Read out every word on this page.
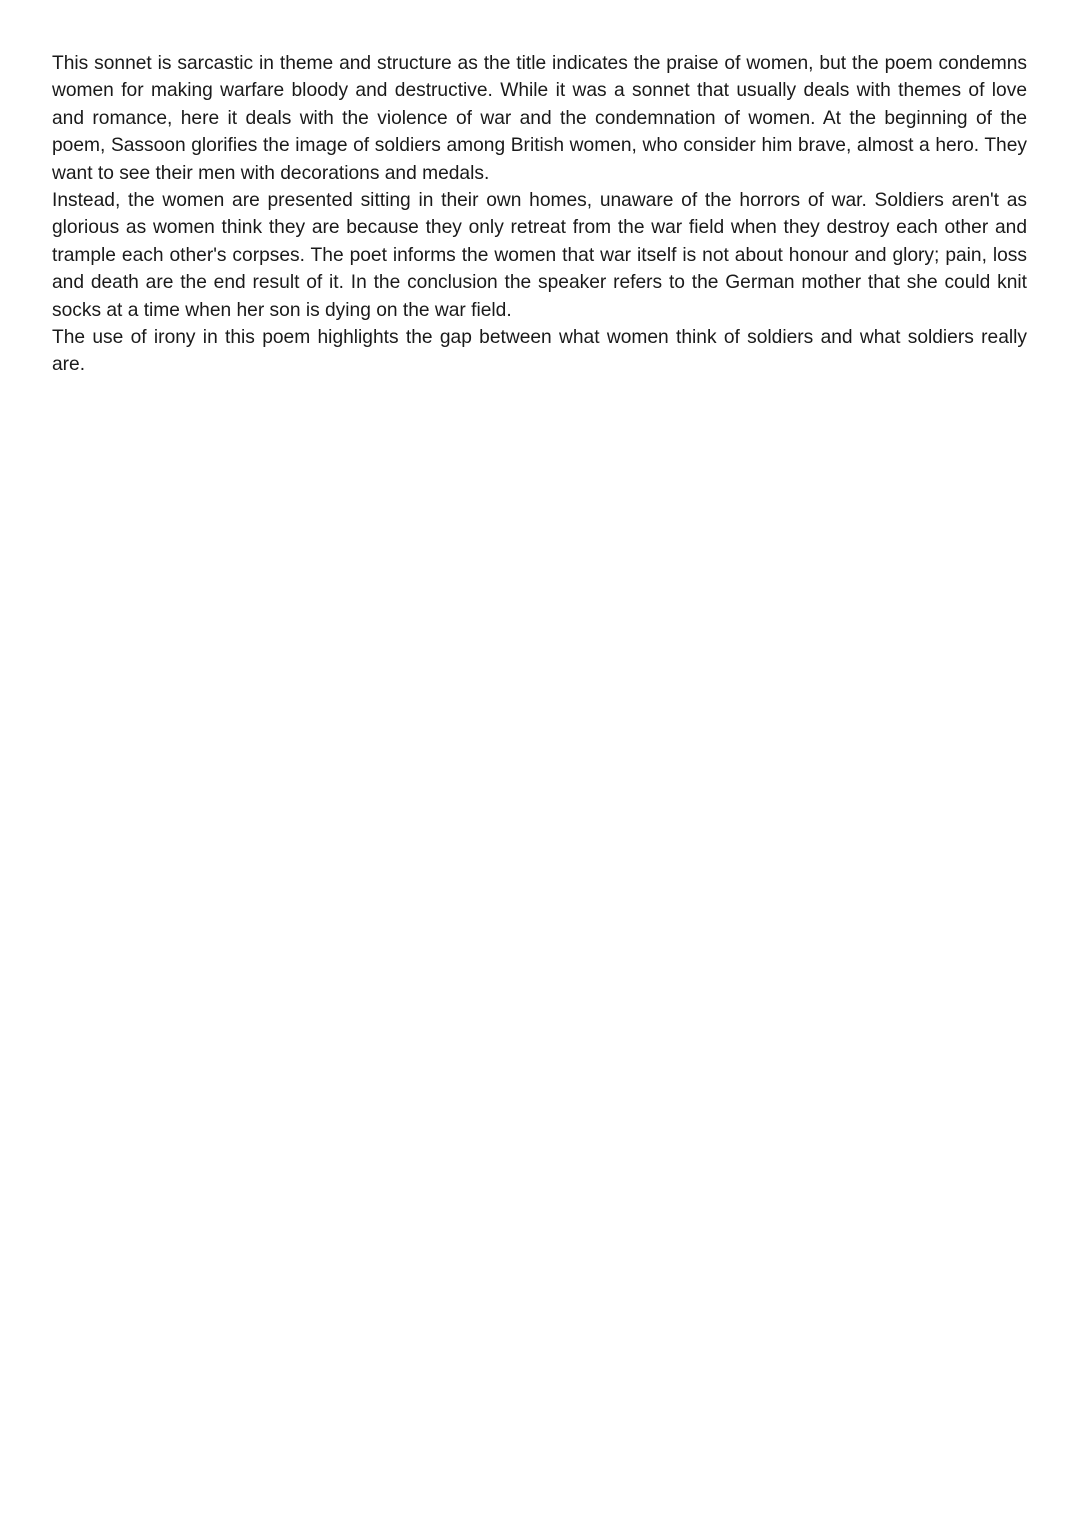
This sonnet is sarcastic in theme and structure as the title indicates the praise of women, but the poem condemns women for making warfare bloody and destructive. While it was a sonnet that usually deals with themes of love and romance, here it deals with the violence of war and the condemnation of women. At the beginning of the poem, Sassoon glorifies the image of soldiers among British women, who consider him brave, almost a hero. They want to see their men with decorations and medals.

Instead, the women are presented sitting in their own homes, unaware of the horrors of war. Soldiers aren't as glorious as women think they are because they only retreat from the war field when they destroy each other and trample each other's corpses. The poet informs the women that war itself is not about honour and glory; pain, loss and death are the end result of it. In the conclusion the speaker refers to the German mother that she could knit socks at a time when her son is dying on the war field.

The use of irony in this poem highlights the gap between what women think of soldiers and what soldiers really are.
